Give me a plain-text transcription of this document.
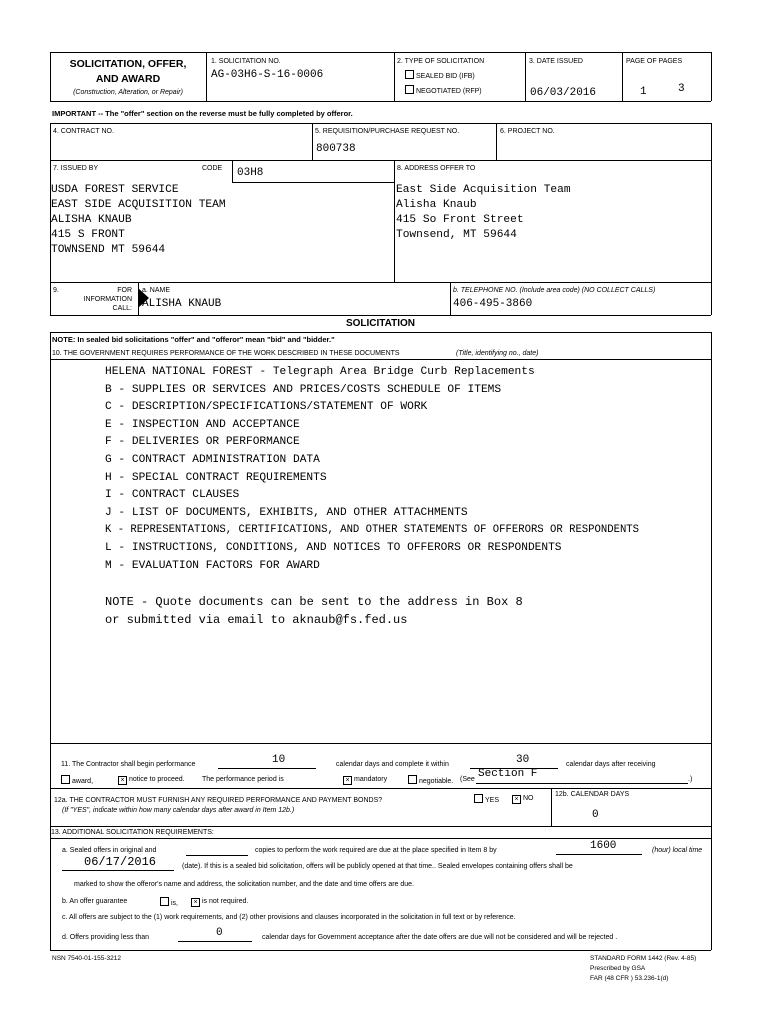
SOLICITATION, OFFER,
AND AWARD
(Construction, Alteration, or Repair)
1. SOLICITATION NO.
AG-03H6-S-16-0006
2. TYPE OF SOLICITATION
SEALED BID (IFB)
NEGOTIATED (RFP)
3. DATE ISSUED
06/03/2016
PAGE OF PAGES
1	3
IMPORTANT -- The "offer" section on the reverse must be fully completed by offeror.
4. CONTRACT NO.	5. REQUISITION/PURCHASE REQUEST NO.
800738
6. PROJECT NO.
7. ISSUED BY	CODE 03H8
USDA FOREST SERVICE
EAST SIDE ACQUISITION TEAM
ALISHA KNAUB
415 S FRONT
TOWNSEND MT 59644
8. ADDRESS OFFER TO
East Side Acquisition Team
Alisha Knaub
415 So Front Street
Townsend, MT 59644
9.	FOR
INFORMATION
CALL:
a. NAME
ALISHA KNAUB
b. TELEPHONE NO. (Include area code) (NO COLLECT CALLS)
406-495-3860
SOLICITATION
NOTE: In sealed bid solicitations "offer" and "offeror" mean "bid" and "bidder."
10. THE GOVERNMENT REQUIRES PERFORMANCE OF THE WORK DESCRIBED IN THESE DOCUMENTS	(Title, identifying no., date)
HELENA NATIONAL FOREST - Telegraph Area Bridge Curb Replacements
B - SUPPLIES OR SERVICES AND PRICES/COSTS SCHEDULE OF ITEMS
C - DESCRIPTION/SPECIFICATIONS/STATEMENT OF WORK
E - INSPECTION AND ACCEPTANCE
F - DELIVERIES OR PERFORMANCE
G - CONTRACT ADMINISTRATION DATA
H - SPECIAL CONTRACT REQUIREMENTS
I - CONTRACT CLAUSES
J - LIST OF DOCUMENTS, EXHIBITS, AND OTHER ATTACHMENTS
K - REPRESENTATIONS, CERTIFICATIONS, AND OTHER STATEMENTS OF OFFERORS OR RESPONDENTS
L - INSTRUCTIONS, CONDITIONS, AND NOTICES TO OFFERORS OR RESPONDENTS
M - EVALUATION FACTORS FOR AWARD
NOTE - Quote documents can be sent to the address in Box 8
or submitted via email to aknaub@fs.fed.us
11. The Contractor shall begin performance	10	calendar days and complete it within	30	calendar days after receiving
award,	× notice to proceed. The performance period is	× mandatory	negotiable. (See Section F	.)
12a. THE CONTRACTOR MUST FURNISH ANY REQUIRED PERFORMANCE AND PAYMENT BONDS?
(If "YES", indicate within how many calendar days after award in Item 12b.)
YES	× NO
12b. CALENDAR DAYS
0
13. ADDITIONAL SOLICITATION REQUIREMENTS:
a. Sealed offers in original and	copies to perform the work required are due at the place specified in Item 8 by	1600	(hour) local time
06/17/2016	(date). If this is a sealed bid solicitation, offers will be publicly opened at that time.. Sealed envelopes containing offers shall be
marked to show the offeror's name and address, the solicitation number, and the date and time offers are due.
b. An offer guarantee	is,	× is not required.
c. All offers are subject to the (1) work requirements, and (2) other provisions and clauses incorporated in the solicitation in full text or by reference.
d. Offers providing less than	0	calendar days for Government acceptance after the date offers are due will not be considered and will be rejected .
NSN 7540-01-155-3212	STANDARD FORM 1442 (Rev. 4-85)
Prescribed by GSA
FAR (48 CFR ) 53.236-1(d)
